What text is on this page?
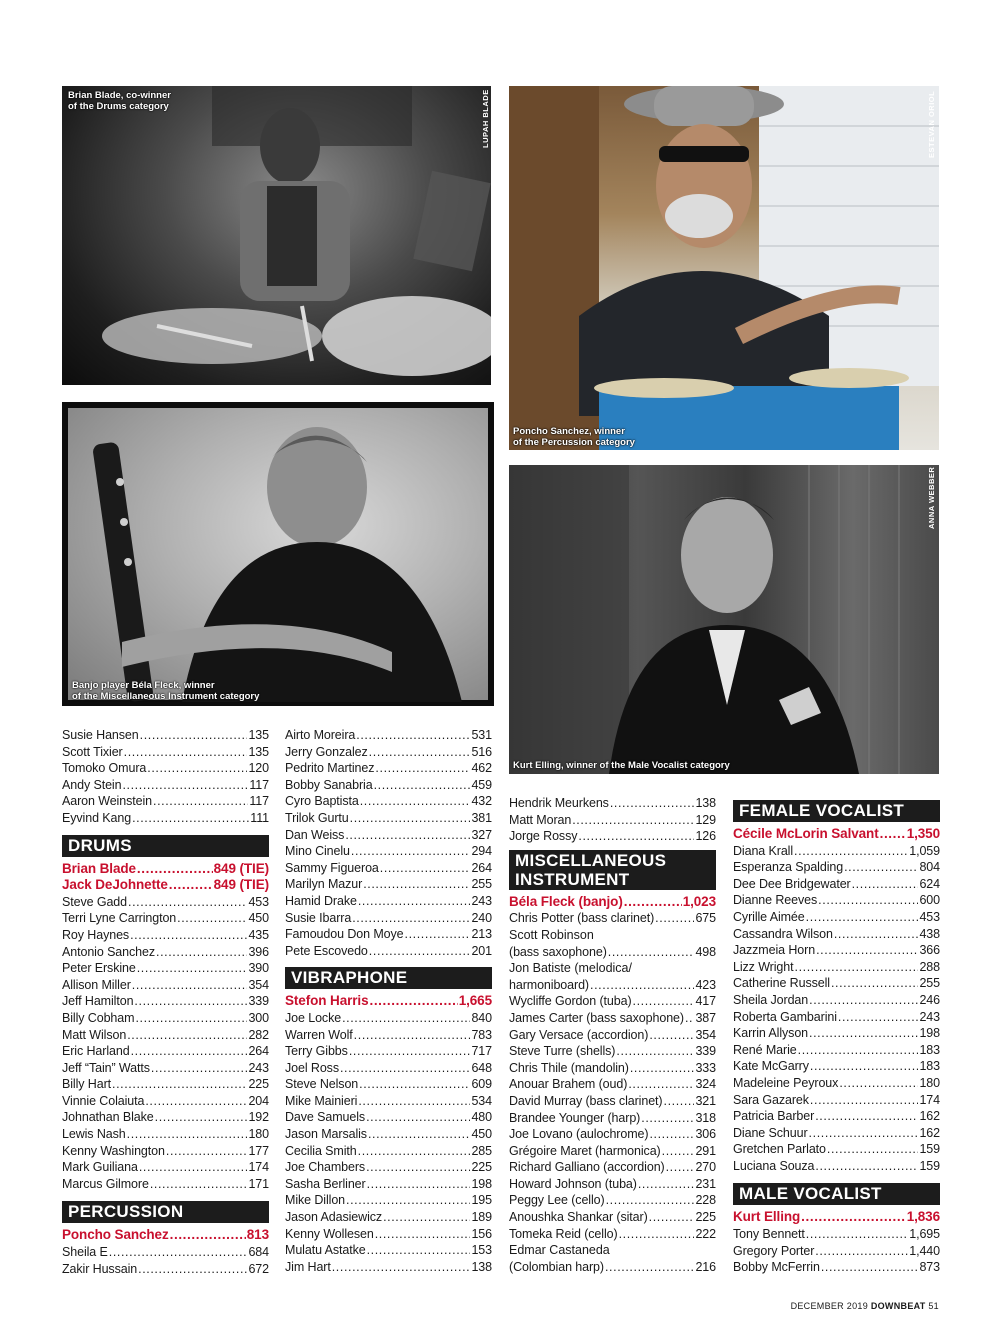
Brian Blade, co-winner
of the Drums category	LUPAH BLADE
Poncho Sanchez, winner
of the Percussion category
ESTEVAN ORIOL
Banjo player Béla Fleck, winner
of the Miscellaneous Instrument category
Kurt Elling, winner of the Male Vocalist category
ANNA WEBBER
Susie Hansen .....	135
Scott Tixier .....	135
Tomoko Omura .....	120
Andy Stein .....	117
Aaron Weinstein .....	117
Eyvind Kang .....	111
DRUMS
Brian Blade .....	849 (TIE)
Jack DeJohnette .....	849 (TIE)
Steve Gadd .....	453
Terri Lyne Carrington .....	450
Roy Haynes .....	435
Antonio Sanchez .....	396
Peter Erskine .....	390
Allison Miller .....	354
Jeff Hamilton .....	339
Billy Cobham .....	300
Matt Wilson .....	282
Eric Harland .....	264
Jeff “Tain” Watts .....	243
Billy Hart .....	225
Vinnie Colaiuta .....	204
Johnathan Blake .....	192
Lewis Nash .....	180
Kenny Washington .....	177
Mark Guiliana .....	174
Marcus Gilmore .....	171
PERCUSSION
Poncho Sanchez .....	813
Sheila E .....	684
Zakir Hussain .....	672
Airto Moreira .....	531
Jerry Gonzalez .....	516
Pedrito Martinez .....	462
Bobby Sanabria .....	459
Cyro Baptista .....	432
Trilok Gurtu .....	381
Dan Weiss .....	327
Mino Cinelu .....	294
Sammy Figueroa .....	264
Marilyn Mazur .....	255
Hamid Drake .....	243
Susie Ibarra .....	240
Famoudou Don Moye .....	213
Pete Escovedo .....	201
VIBRAPHONE
Stefon Harris .....	1,665
Joe Locke .....	840
Warren Wolf .....	783
Terry Gibbs .....	717
Joel Ross .....	648
Steve Nelson .....	609
Mike Mainieri .....	534
Dave Samuels .....	480
Jason Marsalis .....	450
Cecilia Smith .....	285
Joe Chambers .....	225
Sasha Berliner .....	198
Mike Dillon .....	195
Jason Adasiewicz .....	189
Kenny Wollesen .....	156
Mulatu Astatke .....	153
Jim Hart .....	138
Hendrik Meurkens .....	138
Matt Moran .....	129
Jorge Rossy .....	126
MISCELLANEOUS
INSTRUMENT
Béla Fleck (banjo) .....	1,023
Chris Potter (bass clarinet) .....	675
Scott Robinson
(bass saxophone) .....	498
Jon Batiste (melodica/
harmoniboard) .....	423
Wycliffe Gordon (tuba) .....	417
James Carter (bass saxophone) ..... 387
Gary Versace (accordion) .....	354
Steve Turre (shells) .....	339
Chris Thile (mandolin) .....	333
Anouar Brahem (oud) .....	324
David Murray (bass clarinet) .....	321
Brandee Younger (harp) .....	318
Joe Lovano (aulochrome) .....	306
Grégoire Maret (harmonica) .....	291
Richard Galliano (accordion) ..... 270
Howard Johnson (tuba) .....	231
Peggy Lee (cello) .....	228
Anoushka Shankar (sitar) .....	225
Tomeka Reid (cello) .....	222
Edmar Castaneda
(Colombian harp) .....	216
FEMALE VOCALIST
Cécile McLorin Salvant ..... 1,350
Diana Krall .....	1,059
Esperanza Spalding .....	804
Dee Dee Bridgewater .....	624
Dianne Reeves .....	600
Cyrille Aimée .....	453
Cassandra Wilson .....	438
Jazzmeia Horn .....	366
Lizz Wright .....	288
Catherine Russell .....	255
Sheila Jordan .....	246
Roberta Gambarini .....	243
Karrin Allyson .....	198
René Marie .....	183
Kate McGarry .....	183
Madeleine Peyroux .....	180
Sara Gazarek .....	174
Patricia Barber .....	162
Diane Schuur .....	162
Gretchen Parlato .....	159
Luciana Souza .....	159
MALE VOCALIST
Kurt Elling .....	1,836
Tony Bennett .....	1,695
Gregory Porter .....	1,440
Bobby McFerrin .....	873
DECEMBER 2019 DOWNBEAT 51
